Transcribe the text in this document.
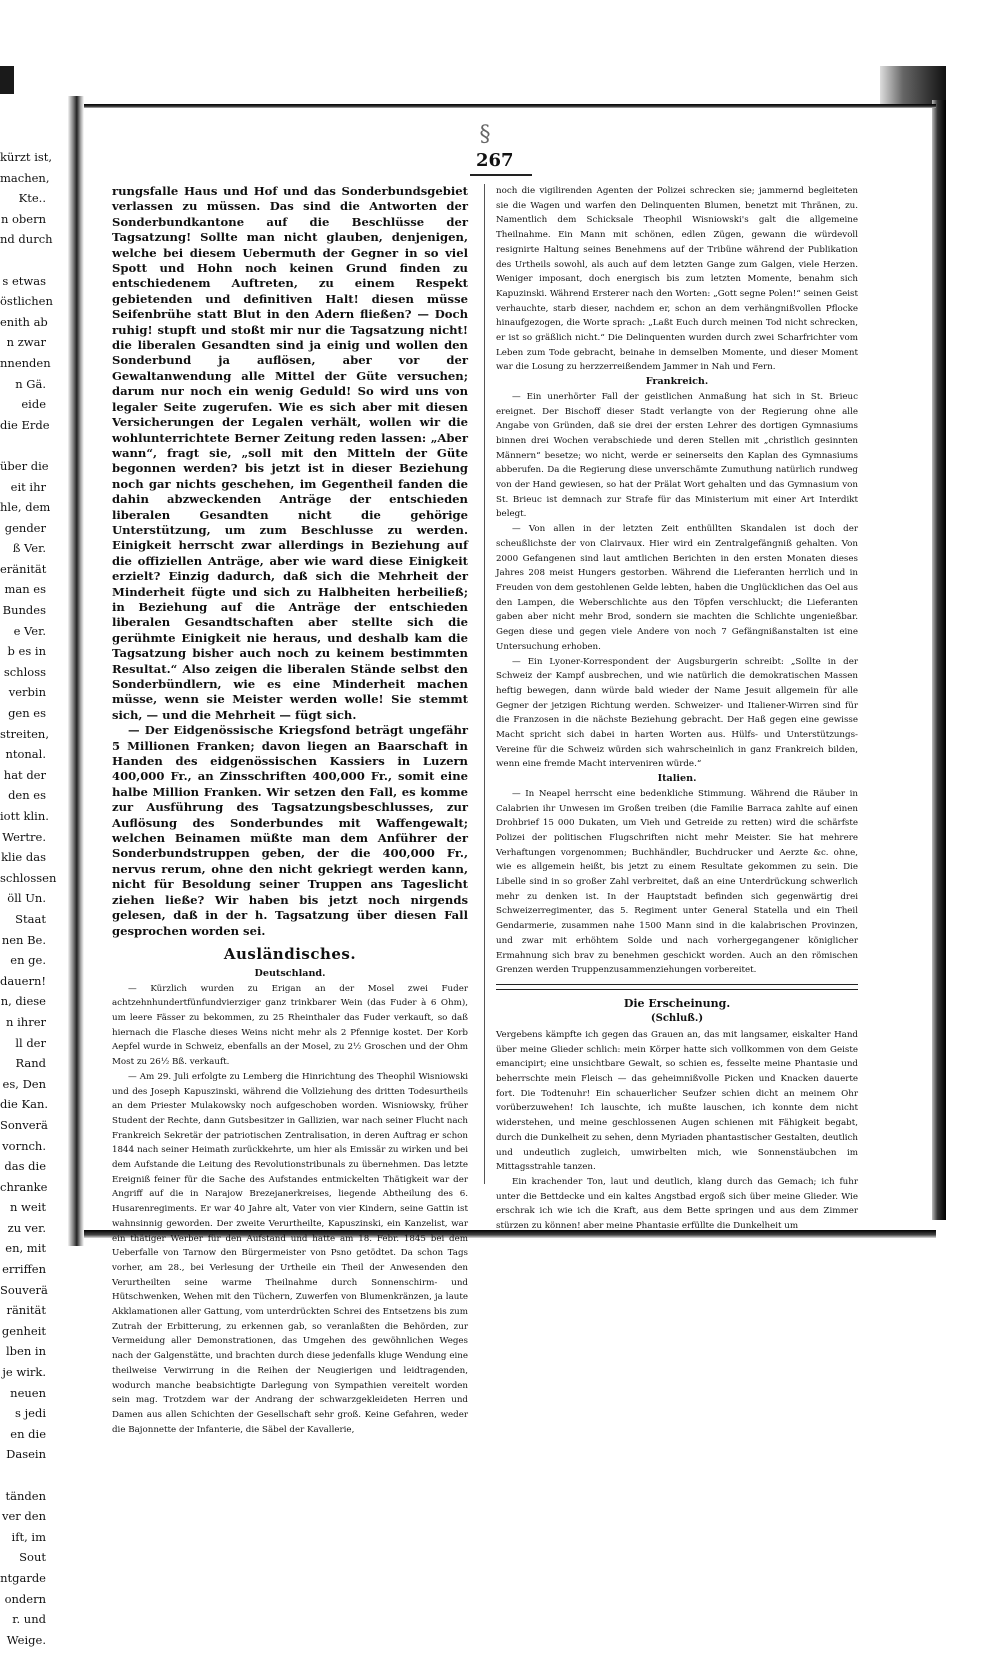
kürzt ist,
machen,
Kte..
n obern
nd durch
s etwas
östlichen
enith ab
n zwar
nnenden
n Gä.
eide
die Erde
über die
eit ihr
hle, dem
gender
ß Ver.
eränität
man es
Bundes
e Ver.
b es in
schloss
verbin
gen es
streiten,
ntonal.
hat der
den es
iott klin.
Wertre.
klie das
schlossen
öll Un.
Staat
nen Be.
en ge.
dauern!
n, diese
n ihrer
ll der
Rand
es, Den
die Kan.
Sonverä
vornch.
das die
chranke
n weit
zu ver.
en, mit
erriffen
Souverä
ränität
genheit
lben in
je wirk.
neuen
s jedi
en die
Dasein
tänden
ver den
ift, im
Sout
ntgarde
ondern
r. und
Weige.
§
267

rungsfalle Haus und Hof und das Sonderbundsgebiet verlassen zu müssen. Das sind die Antworten der Sonderbundkantone auf die Beschlüsse der Tagsatzung! Sollte man nicht glauben, denjenigen, welche bei diesem Uebermuth der Gegner in so viel Spott und Hohn noch keinen Grund finden zu entschiedenem Auftreten, zu einem Respekt gebietenden und definitiven Halt! diesen müsse Seifenbrühe statt Blut in den Adern fließen? — Doch ruhig! stupft und stoßt mir nur die Tagsatzung nicht! die liberalen Gesandten sind ja einig und wollen den Sonderbund ja auflösen, aber vor der Gewaltanwendung alle Mittel der Güte versuchen; darum nur noch ein wenig Geduld! So wird uns von legaler Seite zugerufen. Wie es sich aber mit diesen Versicherungen der Legalen verhält, wollen wir die wohlunterrichtete Berner Zeitung reden lassen: „Aber wann“, fragt sie, „soll mit den Mitteln der Güte begonnen werden? bis jetzt ist in dieser Beziehung noch gar nichts geschehen, im Gegentheil fanden die dahin abzweckenden Anträge der entschieden liberalen Gesandten nicht die gehörige Unterstützung, um zum Beschlusse zu werden. Einigkeit herrscht zwar allerdings in Beziehung auf die offiziellen Anträge, aber wie ward diese Einigkeit erzielt? Einzig dadurch, daß sich die Mehrheit der Minderheit fügte und sich zu Halbheiten herbeiließ; in Beziehung auf die Anträge der entschieden liberalen Gesandtschaften aber stellte sich die gerühmte Einigkeit nie heraus, und deshalb kam die Tagsatzung bisher auch noch zu keinem bestimmten Resultat.“ Also zeigen die liberalen Stände selbst den Sonderbündlern, wie es eine Minderheit machen müsse, wenn sie Meister werden wolle! Sie stemmt sich, — und die Mehrheit — fügt sich.

— Der Eidgenössische Kriegsfond beträgt ungefähr 5 Millionen Franken; davon liegen an Baarschaft in Handen des eidgenössischen Kassiers in Luzern 400,000 Fr., an Zinsschriften 400,000 Fr., somit eine halbe Million Franken. Wir setzen den Fall, es komme zur Ausführung des Tagsatzungsbeschlusses, zur Auflösung des Sonderbundes mit Waffengewalt; welchen Beinamen müßte man dem Anführer der Sonderbundstruppen geben, der die 400,000 Fr., nervus rerum, ohne den nicht gekriegt werden kann, nicht für Besoldung seiner Truppen ans Tageslicht ziehen ließe? Wir haben bis jetzt noch nirgends gelesen, daß in der h. Tagsatzung über diesen Fall gesprochen worden sei.

Ausländisches.
Deutschland.

— Kürzlich wurden zu Erigan an der Mosel zwei Fuder achtzehnhundertfünfundvierziger ganz trinkbarer Wein (das Fuder à 6 Ohm), um leere Fässer zu bekommen, zu 25 Rheinthaler das Fuder verkauft, so daß hiernach die Flasche dieses Weins nicht mehr als 2 Pfennige kostet. Der Korb Aepfel wurde in Schweiz, ebenfalls an der Mosel, zu 2½ Groschen und der Ohm Most zu 26½ Bß. verkauft.

— Am 29. Juli erfolgte zu Lemberg die Hinrichtung des Theophil Wisniowski und des Joseph Kapuszinski, während die Vollziehung des dritten Todesurtheils an dem Priester Mulakowsky noch aufgeschoben worden. Wisniowsky, früher Student der Rechte, dann Gutsbesitzer in Gallizien, war nach seiner Flucht nach Frankreich Sekretär der patriotischen Zentralisation, in deren Auftrag er schon 1844 nach seiner Heimath zurückkehrte, um hier als Emissär zu wirken und bei dem Aufstande die Leitung des Revolutionstribunals zu übernehmen. Das letzte Ereigniß feiner für die Sache des Aufstandes entmickelten Thätigkeit war der Angriff auf die in Narajow Brezejanerkreises, liegende Abtheilung des 6. Husarenregiments. Er war 40 Jahre alt, Vater von vier Kindern, seine Gattin ist wahnsinnig geworden. Der zweite Verurtheilte, Kapuszinski, ein Kanzelist, war ein thätiger Werber für den Aufstand und hatte am 18. Febr. 1845 bei dem Ueberfalle von Tarnow den Bürgermeister von Psno getödtet. Da schon Tags vorher, am 28., bei Verlesung der Urtheile ein Theil der Anwesenden den Verurtheilten seine warme Theilnahme durch Sonnenschirm- und Hütschwenken, Wehen mit den Tüchern, Zuwerfen von Blumenkränzen, ja laute Akklamationen aller Gattung, vom unterdrückten Schrei des Entsetzens bis zum Zutrah der Erbitterung, zu erkennen gab, so veranlaßten die Behörden, zur Vermeidung aller Demonstrationen, das Umgehen des gewöhnlichen Weges nach der Galgenstätte, und brachten durch diese jedenfalls kluge Wendung eine theilweise Verwirrung in die Reihen der Neugierigen und leidtragenden, wodurch manche beabsichtigte Darlegung von Sympathien vereitelt worden sein mag. Trotzdem war der Andrang der schwarzgekleideten Herren und Damen aus allen Schichten der Gesellschaft sehr groß. Keine Gefahren, weder die Bajonnette der Infanterie, die Säbel der Kavallerie,

noch die vigilirenden Agenten der Polizei schrecken sie; jammernd begleiteten sie die Wagen und warfen den Delinquenten Blumen, benetzt mit Thränen, zu. Namentlich dem Schicksale Theophil Wisniowski's galt die allgemeine Theilnahme. Ein Mann mit schönen, edlen Zügen, gewann die würdevoll resignirte Haltung seines Benehmens auf der Tribüne während der Publikation des Urtheils sowohl, als auch auf dem letzten Gange zum Galgen, viele Herzen. Weniger imposant, doch energisch bis zum letzten Momente, benahm sich Kapuzinski. Während Ersterer nach den Worten: „Gott segne Polen!“ seinen Geist verhauchte, starb dieser, nachdem er, schon an dem verhängnißvollen Pflocke hinaufgezogen, die Worte sprach: „Laßt Euch durch meinen Tod nicht schrecken, er ist so gräßlich nicht.“ Die Delinquenten wurden durch zwei Scharfrichter vom Leben zum Tode gebracht, beinahe in demselben Momente, und dieser Moment war die Losung zu herzzerreißendem Jammer in Nah und Fern.

Frankreich.

— Ein unerhörter Fall der geistlichen Anmaßung hat sich in St. Brieuc ereignet. Der Bischoff dieser Stadt verlangte von der Regierung ohne alle Angabe von Gründen, daß sie drei der ersten Lehrer des dortigen Gymnasiums binnen drei Wochen verabschiede und deren Stellen mit „christlich gesinnten Männern“ besetze; wo nicht, werde er seinerseits den Kaplan des Gymnasiums abberufen. Da die Regierung diese unverschämte Zumuthung natürlich rundweg von der Hand gewiesen, so hat der Prälat Wort gehalten und das Gymnasium von St. Brieuc ist demnach zur Strafe für das Ministerium mit einer Art Interdikt belegt.

— Von allen in der letzten Zeit enthüllten Skandalen ist doch der scheußlichste der von Clairvaux. Hier wird ein Zentralgefängniß gehalten. Von 2000 Gefangenen sind laut amtlichen Berichten in den ersten Monaten dieses Jahres 208 meist Hungers gestorben. Während die Lieferanten herrlich und in Freuden von dem gestohlenen Gelde lebten, haben die Unglücklichen das Oel aus den Lampen, die Weberschlichte aus den Töpfen verschluckt; die Lieferanten gaben aber nicht mehr Brod, sondern sie machten die Schlichte ungenießbar. Gegen diese und gegen viele Andere von noch 7 Gefängnißanstalten ist eine Untersuchung erhoben.

— Ein Lyoner-Korrespondent der Augsburgerin schreibt: „Sollte in der Schweiz der Kampf ausbrechen, und wie natürlich die demokratischen Massen heftig bewegen, dann würde bald wieder der Name Jesuit allgemein für alle Gegner der jetzigen Richtung werden. Schweizer- und Italiener-Wirren sind für die Franzosen in die nächste Beziehung gebracht. Der Haß gegen eine gewisse Macht spricht sich dabei in harten Worten aus. Hülfs- und Unterstützungs-Vereine für die Schweiz würden sich wahrscheinlich in ganz Frankreich bilden, wenn eine fremde Macht interveniren würde.“

Italien.

— In Neapel herrscht eine bedenkliche Stimmung. Während die Räuber in Calabrien ihr Unwesen im Großen treiben (die Familie Barraca zahlte auf einen Drohbrief 15 000 Dukaten, um Vieh und Getreide zu retten) wird die schärfste Polizei der politischen Flugschriften nicht mehr Meister. Sie hat mehrere Verhaftungen vorgenommen; Buchhändler, Buchdrucker und Aerzte &c. ohne, wie es allgemein heißt, bis jetzt zu einem Resultate gekommen zu sein. Die Libelle sind in so großer Zahl verbreitet, daß an eine Unterdrückung schwerlich mehr zu denken ist. In der Hauptstadt befinden sich gegenwärtig drei Schweizerregimenter, das 5. Regiment unter General Statella und ein Theil Gendarmerie, zusammen nahe 1500 Mann sind in die kalabrischen Provinzen, und zwar mit erhöhtem Solde und nach vorhergegangener königlicher Ermahnung sich brav zu benehmen geschickt worden. Auch an den römischen Grenzen werden Truppenzusammenziehungen vorbereitet.

Die Erscheinung.
(Schluß.)

Vergebens kämpfte ich gegen das Grauen an, das mit langsamer, eiskalter Hand über meine Glieder schlich: mein Körper hatte sich vollkommen von dem Geiste emancipirt; eine unsichtbare Gewalt, so schien es, fesselte meine Phantasie und beherrschte mein Fleisch — das geheimnißvolle Picken und Knacken dauerte fort. Die Todtenuhr! Ein schauerlicher Seufzer schien dicht an meinem Ohr vorüberzuwehen! Ich lauschte, ich mußte lauschen, ich konnte dem nicht widerstehen, und meine geschlossenen Augen schienen mit Fähigkeit begabt, durch die Dunkelheit zu sehen, denn Myriaden phantastischer Gestalten, deutlich und undeutlich zugleich, umwirbelten mich, wie Sonnenstäubchen im Mittagsstrahle tanzen.

Ein krachender Ton, laut und deutlich, klang durch das Gemach; ich fuhr unter die Bettdecke und ein kaltes Angstbad ergoß sich über meine Glieder. Wie erschrak ich wie ich die Kraft, aus dem Bette springen und aus dem Zimmer stürzen zu können! aber meine Phantasie erfüllte die Dunkelheit um
